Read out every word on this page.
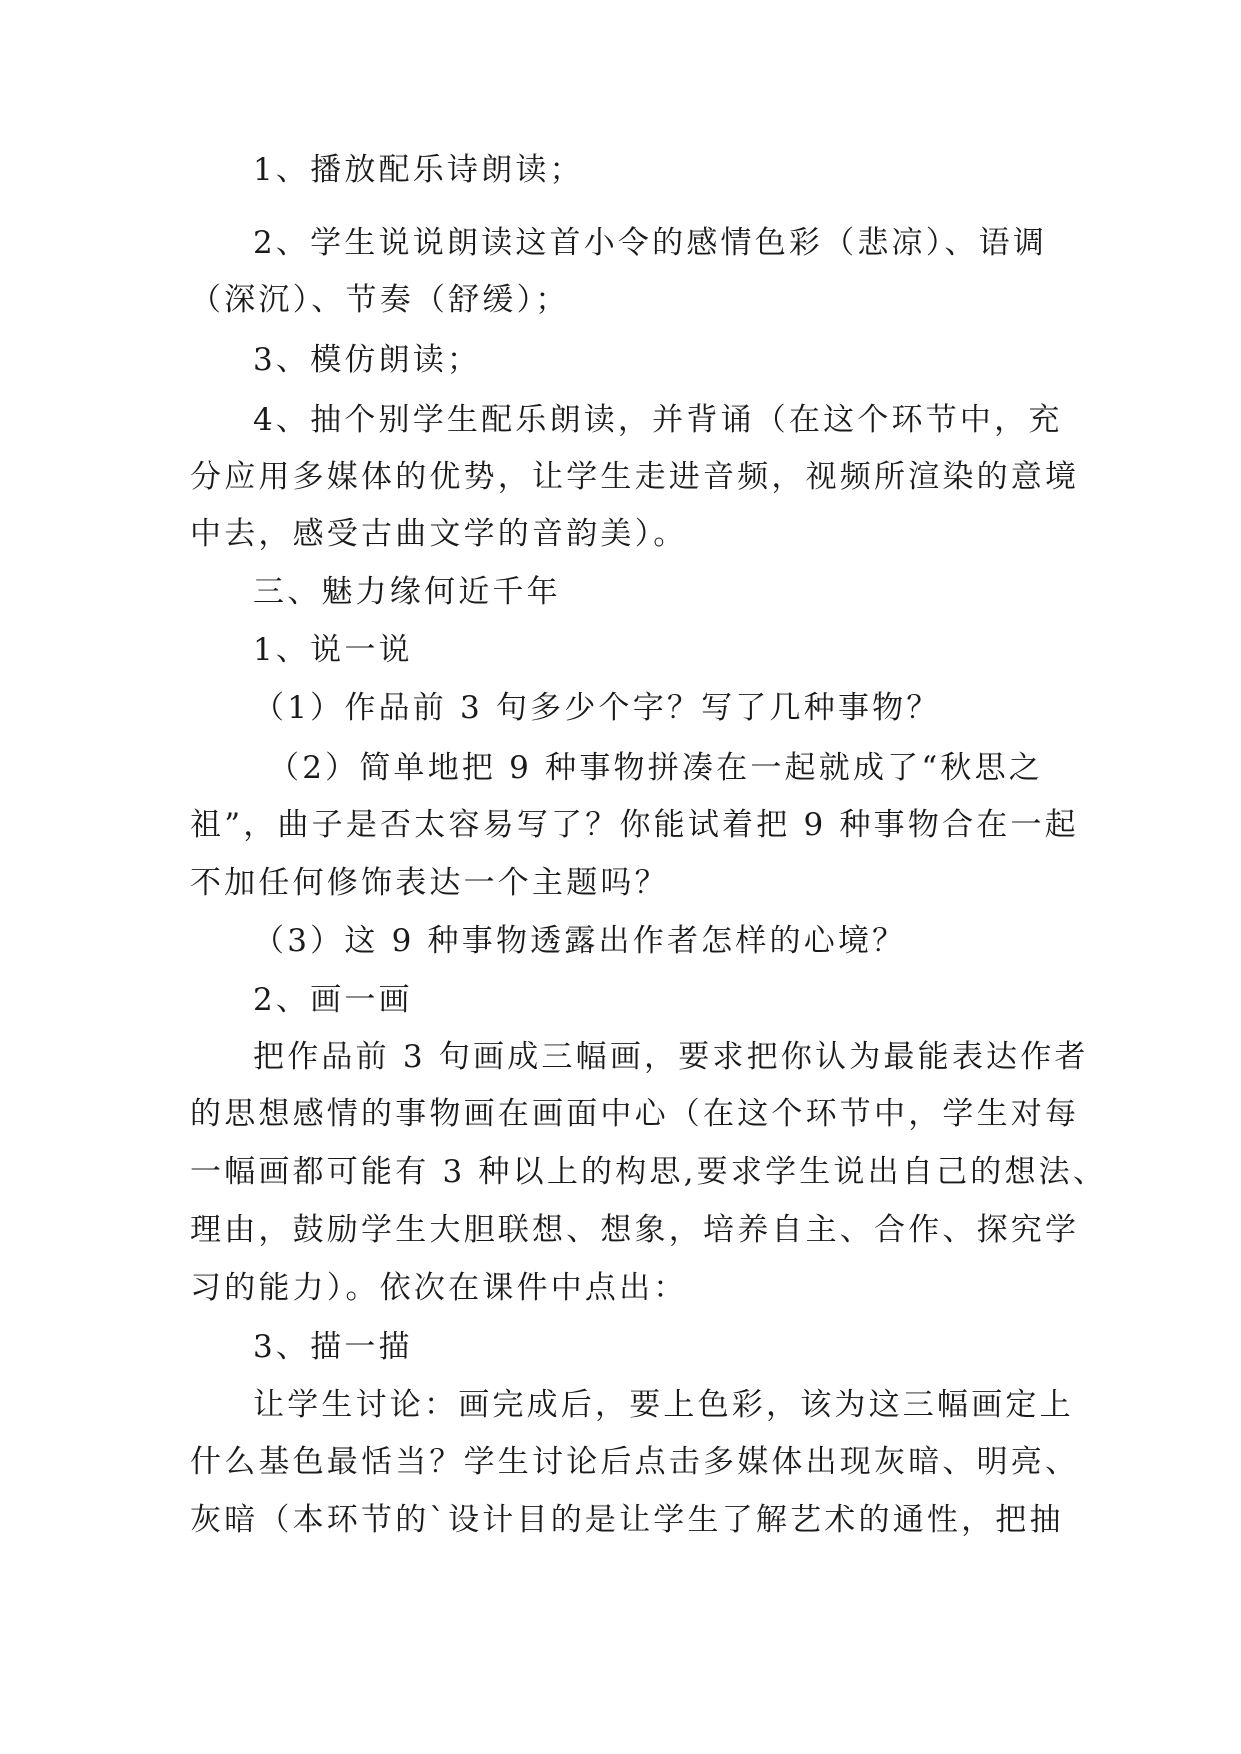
1、播放配乐诗朗读；
2、学生说说朗读这首小令的感情色彩（悲凉）、语调
（深沉）、节奏（舒缓）；
3、模仿朗读；
4、抽个别学生配乐朗读，并背诵（在这个环节中，充
分应用多媒体的优势，让学生走进音频，视频所渲染的意境
中去，感受古曲文学的音韵美）。
三、魅力缘何近千年
1、说一说
（1）作品前 3 句多少个字？写了几种事物？
（2）简单地把 9 种事物拼凑在一起就成了“秋思之
祖”，曲子是否太容易写了？你能试着把 9 种事物合在一起
不加任何修饰表达一个主题吗？
（3）这 9 种事物透露出作者怎样的心境？
2、画一画
把作品前 3 句画成三幅画，要求把你认为最能表达作者
的思想感情的事物画在画面中心（在这个环节中，学生对每
一幅画都可能有 3 种以上的构思,要求学生说出自己的想法、
理由，鼓励学生大胆联想、想象，培养自主、合作、探究学
习的能力）。依次在课件中点出：
3、描一描
让学生讨论：画完成后，要上色彩，该为这三幅画定上
什么基色最恬当？学生讨论后点击多媒体出现灰暗、明亮、
灰暗（本环节的`设计目的是让学生了解艺术的通性，把抽
